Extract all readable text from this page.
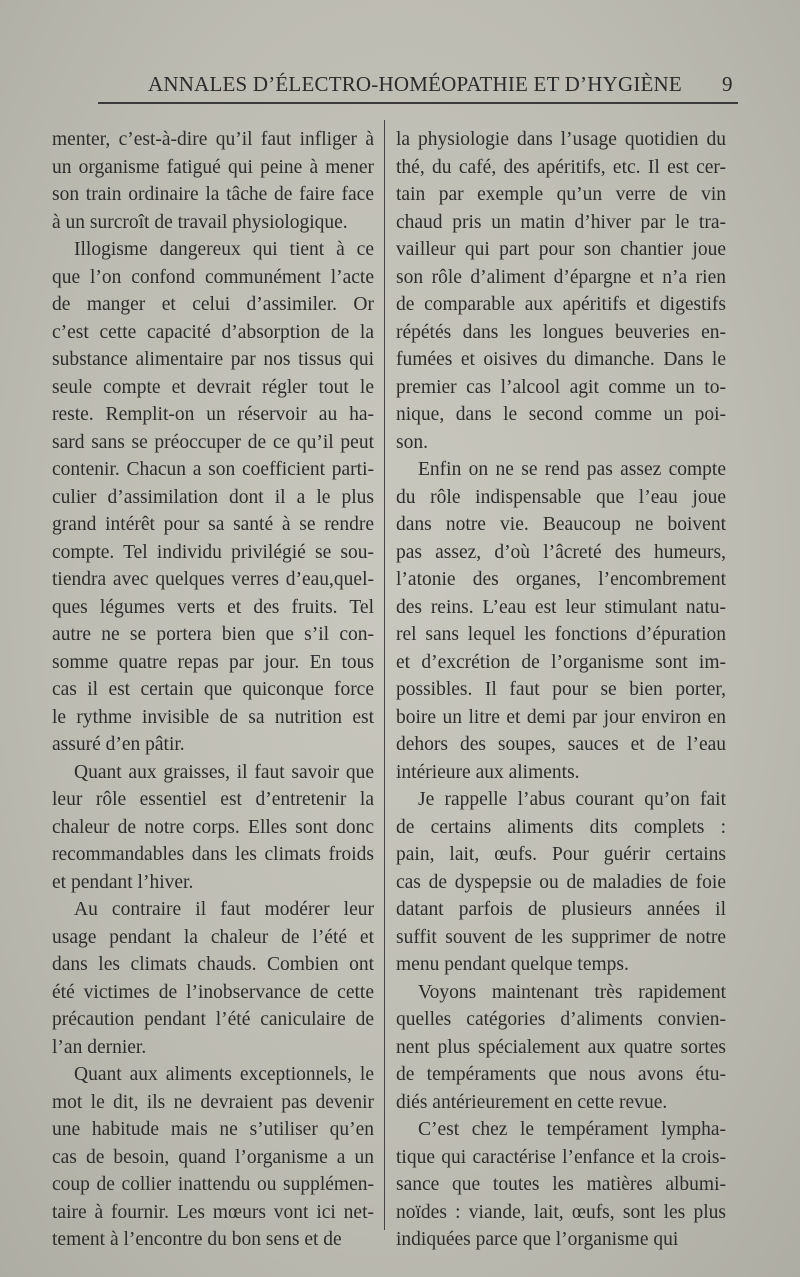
ANNALES D’ÉLECTRO-HOMÉOPATHIE ET D’HYGIÈNE 9
menter, c’est-à-dire qu’il faut infliger à
un organisme fatigué qui peine à mener
son train ordinaire la tâche de faire face
à un surcroît de travail physiologique.
Illogisme dangereux qui tient à ce
que l’on confond communément l’acte
de manger et celui d’assimiler. Or
c’est cette capacité d’absorption de la
substance alimentaire par nos tissus qui
seule compte et devrait régler tout le
reste. Remplit-on un réservoir au ha-
sard sans se préoccuper de ce qu’il peut
contenir. Chacun a son coefficient parti-
culier d’assimilation dont il a le plus
grand intérêt pour sa santé à se rendre
compte. Tel individu privilégié se sou-
tiendra avec quelques verres d’eau,quel-
ques légumes verts et des fruits. Tel
autre ne se portera bien que s’il con-
somme quatre repas par jour. En tous
cas il est certain que quiconque force
le rythme invisible de sa nutrition est
assuré d’en pâtir.
Quant aux graisses, il faut savoir que
leur rôle essentiel est d’entretenir la
chaleur de notre corps. Elles sont donc
recommandables dans les climats froids
et pendant l’hiver.
Au contraire il faut modérer leur
usage pendant la chaleur de l’été et
dans les climats chauds. Combien ont
été victimes de l’inobservance de cette
précaution pendant l’été caniculaire de
l’an dernier.
Quant aux aliments exceptionnels, le
mot le dit, ils ne devraient pas devenir
une habitude mais ne s’utiliser qu’en
cas de besoin, quand l’organisme a un
coup de collier inattendu ou supplémen-
taire à fournir. Les mœurs vont ici net-
tement à l’encontre du bon sens et de
la physiologie dans l’usage quotidien du
thé, du café, des apéritifs, etc. Il est cer-
tain par exemple qu’un verre de vin
chaud pris un matin d’hiver par le tra-
vailleur qui part pour son chantier joue
son rôle d’aliment d’épargne et n’a rien
de comparable aux apéritifs et digestifs
répétés dans les longues beuveries en-
fumées et oisives du dimanche. Dans le
premier cas l’alcool agit comme un to-
nique, dans le second comme un poi-
son.
Enfin on ne se rend pas assez compte
du rôle indispensable que l’eau joue
dans notre vie. Beaucoup ne boivent
pas assez, d’où l’âcreté des humeurs,
l’atonie des organes, l’encombrement
des reins. L’eau est leur stimulant natu-
rel sans lequel les fonctions d’épuration
et d’excrétion de l’organisme sont im-
possibles. Il faut pour se bien porter,
boire un litre et demi par jour environ en
dehors des soupes, sauces et de l’eau
intérieure aux aliments.
Je rappelle l’abus courant qu’on fait
de certains aliments dits complets :
pain, lait, œufs. Pour guérir certains
cas de dyspepsie ou de maladies de foie
datant parfois de plusieurs années il
suffit souvent de les supprimer de notre
menu pendant quelque temps.
Voyons maintenant très rapidement
quelles catégories d’aliments convien-
nent plus spécialement aux quatre sortes
de tempéraments que nous avons étu-
diés antérieurement en cette revue.
C’est chez le tempérament lympha-
tique qui caractérise l’enfance et la crois-
sance que toutes les matières albumi-
noïdes : viande, lait, œufs, sont les plus
indiquées parce que l’organisme qui
